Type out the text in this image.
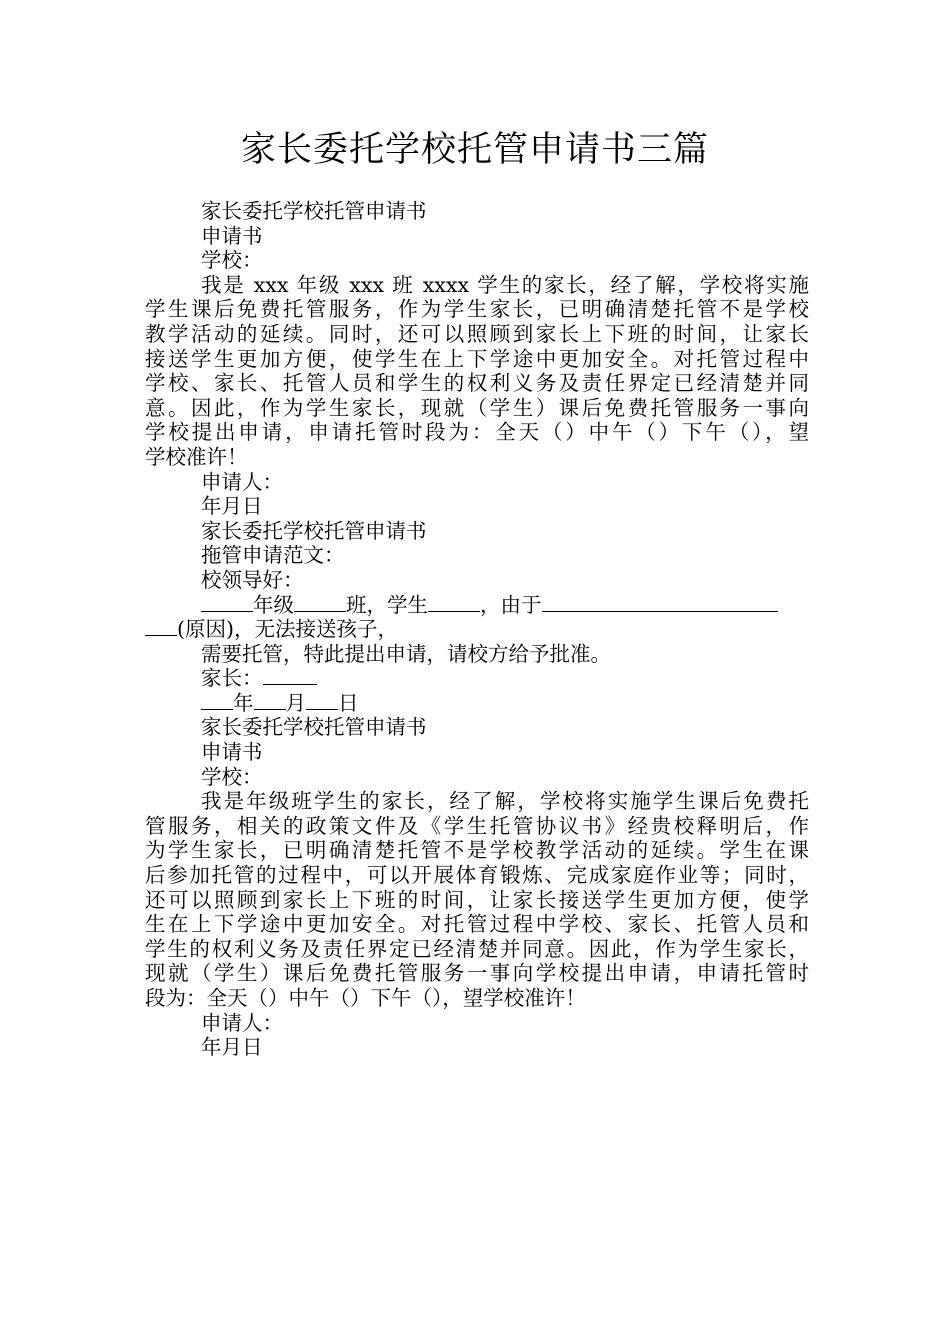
家长委托学校托管申请书三篇
家长委托学校托管申请书
申请书
学校：
我是 xxx 年级 xxx 班 xxxx 学生的家长，经了解，学校将实施
学生课后免费托管服务，作为学生家长，已明确清楚托管不是学校
教学活动的延续。同时，还可以照顾到家长上下班的时间，让家长
接送学生更加方便，使学生在上下学途中更加安全。对托管过程中
学校、家长、托管人员和学生的权利义务及责任界定已经清楚并同
意。因此，作为学生家长，现就（学生）课后免费托管服务一事向
学校提出申请，申请托管时段为：全天（）中午（）下午（），望
学校准许！
申请人：
年月日
家长委托学校托管申请书
拖管申请范文：
校领导好：
年级	班，学生	，由于
(原因)，无法接送孩子，
需要托管，特此提出申请，请校方给予批准。
家长：
年 月 日
家长委托学校托管申请书
申请书
学校：
我是年级班学生的家长，经了解，学校将实施学生课后免费托
管服务，相关的政策文件及《学生托管协议书》经贵校释明后，作
为学生家长，已明确清楚托管不是学校教学活动的延续。学生在课
后参加托管的过程中，可以开展体育锻炼、完成家庭作业等；同时，
还可以照顾到家长上下班的时间，让家长接送学生更加方便，使学
生在上下学途中更加安全。对托管过程中学校、家长、托管人员和
学生的权利义务及责任界定已经清楚并同意。因此，作为学生家长，
现就（学生）课后免费托管服务一事向学校提出申请，申请托管时
段为：全天（）中午（）下午（），望学校准许！
申请人：
年月日
